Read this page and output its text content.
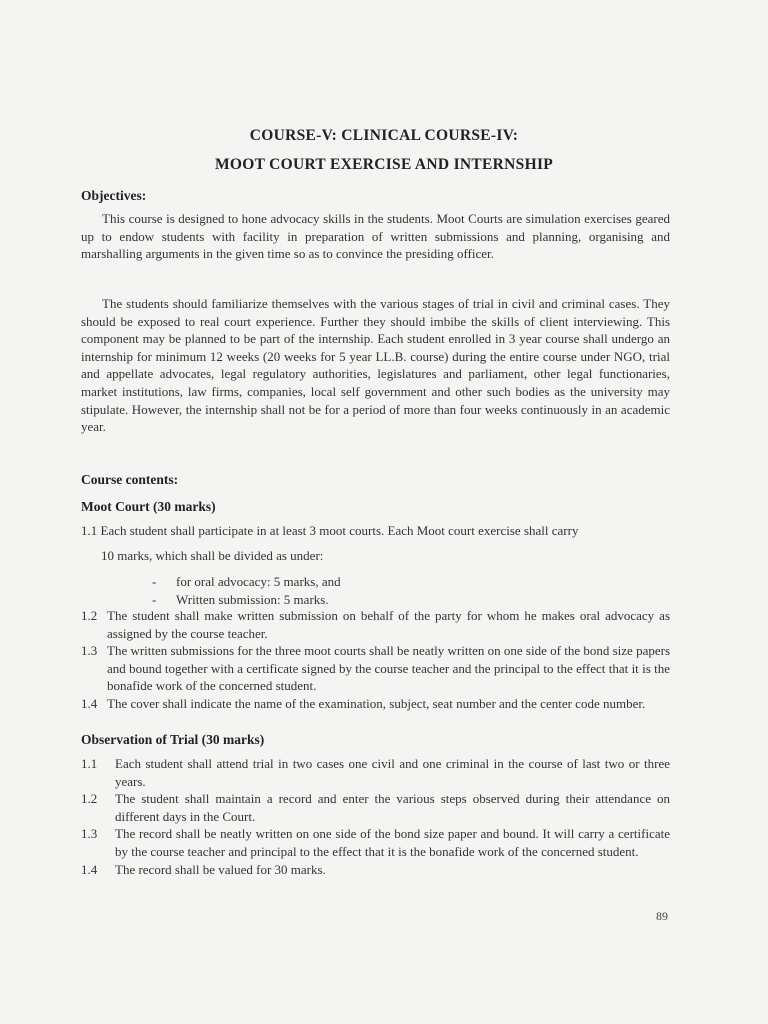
COURSE-V: CLINICAL COURSE-IV:
MOOT COURT EXERCISE AND INTERNSHIP
Objectives:

This course is designed to hone advocacy skills in the students. Moot Courts are simulation exercises geared up to endow students with facility in preparation of written submissions and planning, organising and marshalling arguments in the given time so as to convince the presiding officer.

The students should familiarize themselves with the various stages of trial in civil and criminal cases. They should be exposed to real court experience. Further they should imbibe the skills of client interviewing. This component may be planned to be part of the internship. Each student enrolled in 3 year course shall undergo an internship for minimum 12 weeks (20 weeks for 5 year LL.B. course) during the entire course under NGO, trial and appellate advocates, legal regulatory authorities, legislatures and parliament, other legal functionaries, market institutions, law firms, companies, local self government and other such bodies as the university may stipulate. However, the internship shall not be for a period of more than four weeks continuously in an academic year.

Course contents:
Moot Court (30 marks)
1.1 Each student shall participate in at least 3 moot courts. Each Moot court exercise shall carry
10 marks, which shall be divided as under:
-	for oral advocacy: 5 marks, and
-	Written submission: 5 marks.
1.2 The student shall make written submission on behalf of the party for whom he makes oral advocacy as assigned by the course teacher.
1.3 The written submissions for the three moot courts shall be neatly written on one side of the bond size papers and bound together with a certificate signed by the course teacher and the principal to the effect that it is the bonafide work of the concerned student.
1.4 The cover shall indicate the name of the examination, subject, seat number and the center code number.
Observation of Trial (30 marks)
1.1	Each student shall attend trial in two cases one civil and one criminal in the course of last two or three years.
1.2	The student shall maintain a record and enter the various steps observed during their attendance on different days in the Court.
1.3	The record shall be neatly written on one side of the bond size paper and bound. It will carry a certificate by the course teacher and principal to the effect that it is the bonafide work of the concerned student.
1.4	The record shall be valued for 30 marks.
89
